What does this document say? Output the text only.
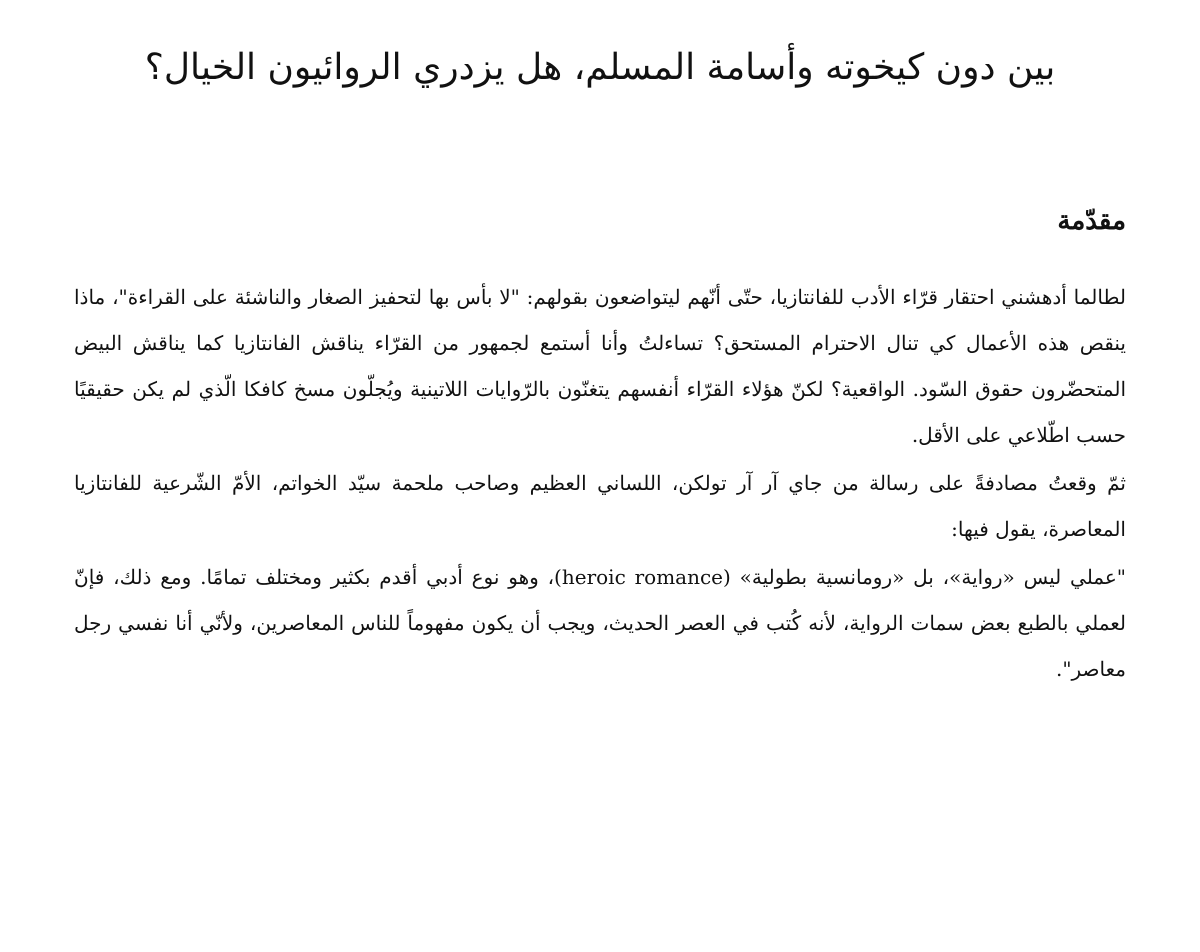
بين دون كيخوته وأسامة المسلم، هل يزدري الروائيون الخيال؟
مقدّمة

لطالما أدهشني احتقار قرّاء الأدب للفانتازيا، حتّى أنّهم ليتواضعون بقولهم: "لا بأس بها لتحفيز الصغار والناشئة على القراءة"، ماذا ينقص هذه الأعمال كي تنال الاحترام المستحق؟ تساءلتُ وأنا أستمع لجمهور من القرّاء يناقش الفانتازيا كما يناقش البيض المتحضّرون حقوق السّود. الواقعية؟ لكنّ هؤلاء القرّاء أنفسهم يتغنّون بالرّوايات اللاتينية ويُجلّون مسخ كافكا الّذي لم يكن حقيقيًا حسب اطّلاعي على الأقل.

ثمّ وقعتُ مصادفةً على رسالة من جاي آر آر تولكن، اللساني العظيم وصاحب ملحمة سيّد الخواتم، الأمّ الشّرعية للفانتازيا المعاصرة، يقول فيها:

"عملي ليس «رواية»، بل «رومانسية بطولية» (heroic romance)، وهو نوع أدبي أقدم بكثير ومختلف تمامًا. ومع ذلك، فإنّ لعملي بالطبع بعض سمات الرواية، لأنه كُتب في العصر الحديث، ويجب أن يكون مفهوماً للناس المعاصرين، ولأنّي أنا نفسي رجل معاصر".
